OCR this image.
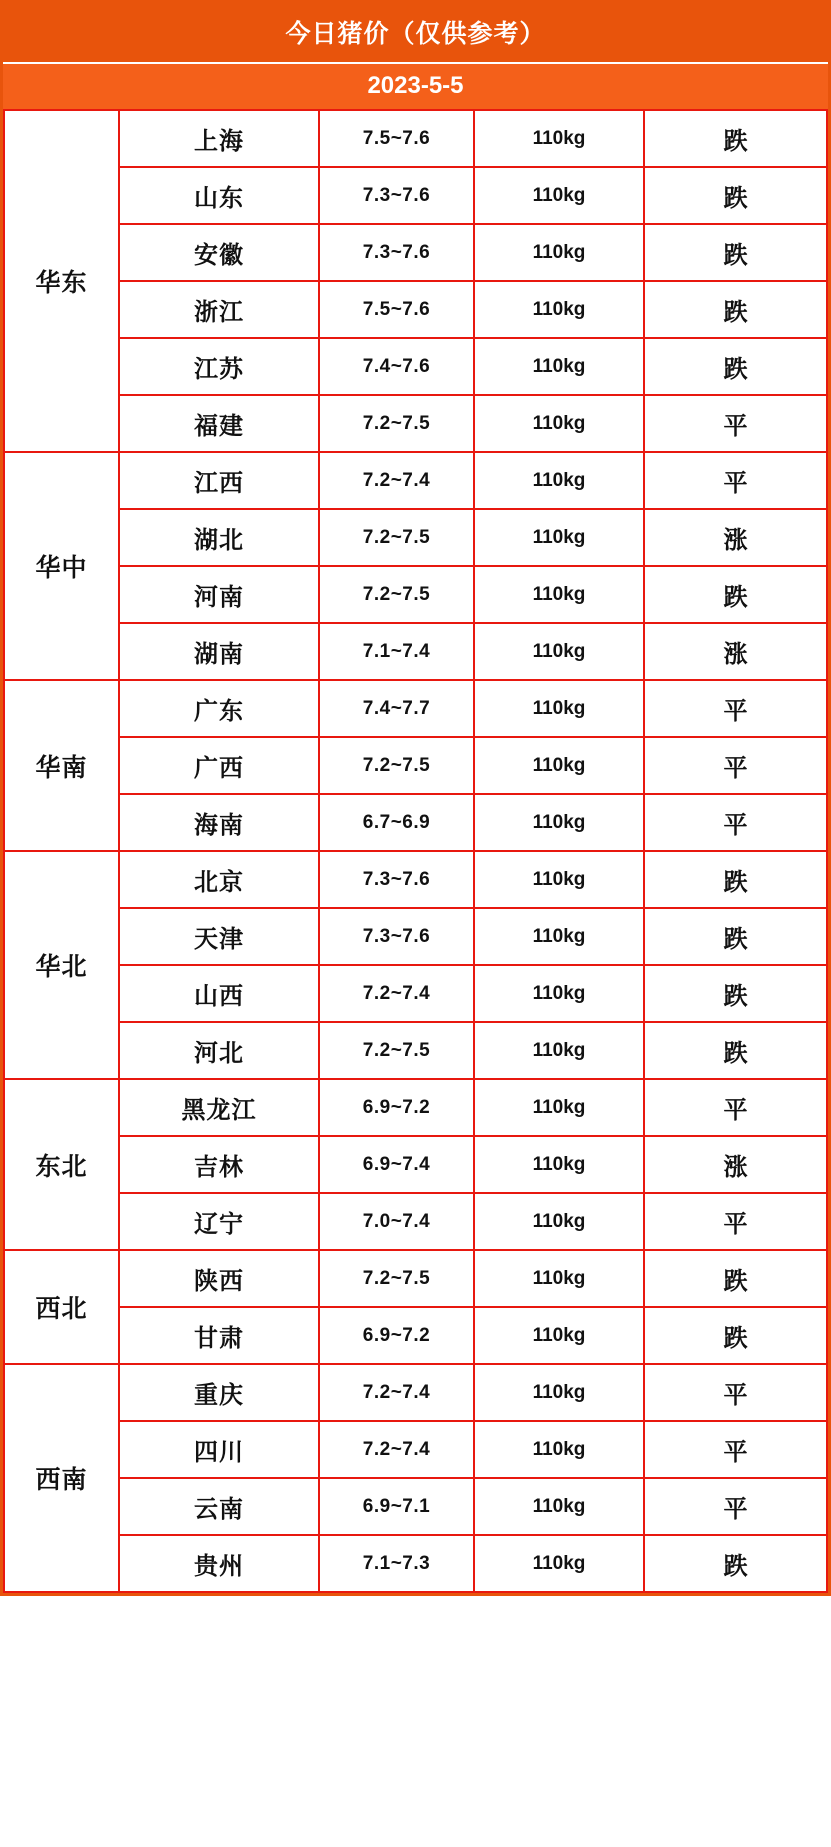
今日猪价（仅供参考）
2023-5-5
华东	上海	7.5~7.6	110kg	跌
	山东	7.3~7.6	110kg	跌
	安徽	7.3~7.6	110kg	跌
	浙江	7.5~7.6	110kg	跌
	江苏	7.4~7.6	110kg	跌
	福建	7.2~7.5	110kg	平
华中	江西	7.2~7.4	110kg	平
	湖北	7.2~7.5	110kg	涨
	河南	7.2~7.5	110kg	跌
	湖南	7.1~7.4	110kg	涨
华南	广东	7.4~7.7	110kg	平
	广西	7.2~7.5	110kg	平
	海南	6.7~6.9	110kg	平
华北	北京	7.3~7.6	110kg	跌
	天津	7.3~7.6	110kg	跌
	山西	7.2~7.4	110kg	跌
	河北	7.2~7.5	110kg	跌
东北	黑龙江	6.9~7.2	110kg	平
	吉林	6.9~7.4	110kg	涨
	辽宁	7.0~7.4	110kg	平
西北	陕西	7.2~7.5	110kg	跌
	甘肃	6.9~7.2	110kg	跌
西南	重庆	7.2~7.4	110kg	平
	四川	7.2~7.4	110kg	平
	云南	6.9~7.1	110kg	平
	贵州	7.1~7.3	110kg	跌
